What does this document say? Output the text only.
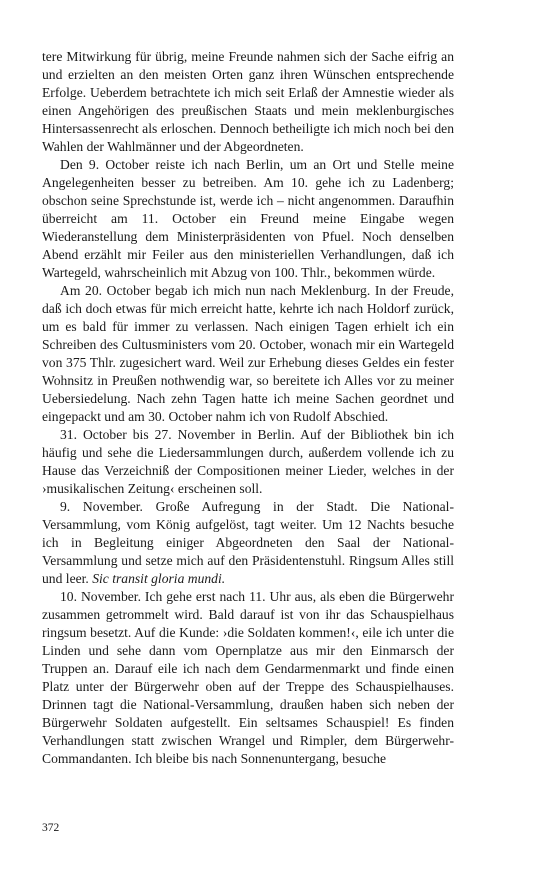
tere Mitwirkung für übrig, meine Freunde nahmen sich der Sache eifrig an und erzielten an den meisten Orten ganz ihren Wünschen entsprechende Erfolge. Ueberdem betrachtete ich mich seit Erlaß der Amnestie wieder als einen Angehörigen des preußischen Staats und mein meklenburgisches Hintersassenrecht als erloschen. Dennoch betheiligte ich mich noch bei den Wahlen der Wahlmänner und der Abgeordneten.

Den 9. October reiste ich nach Berlin, um an Ort und Stelle meine Angelegenheiten besser zu betreiben. Am 10. gehe ich zu Ladenberg; obschon seine Sprechstunde ist, werde ich – nicht angenommen. Daraufhin überreicht am 11. October ein Freund meine Eingabe wegen Wiederanstellung dem Ministerpräsidenten von Pfuel. Noch denselben Abend erzählt mir Feiler aus den ministeriellen Verhandlungen, daß ich Wartegeld, wahrscheinlich mit Abzug von 100. Thlr., bekommen würde.

Am 20. October begab ich mich nun nach Meklenburg. In der Freude, daß ich doch etwas für mich erreicht hatte, kehrte ich nach Holdorf zurück, um es bald für immer zu verlassen. Nach einigen Tagen erhielt ich ein Schreiben des Cultusministers vom 20. October, wonach mir ein Wartegeld von 375 Thlr. zugesichert ward. Weil zur Erhebung dieses Geldes ein fester Wohnsitz in Preußen nothwendig war, so bereitete ich Alles vor zu meiner Uebersiedelung. Nach zehn Tagen hatte ich meine Sachen geordnet und eingepackt und am 30. October nahm ich von Rudolf Abschied.

31. October bis 27. November in Berlin. Auf der Bibliothek bin ich häufig und sehe die Liedersammlungen durch, außerdem vollende ich zu Hause das Verzeichniß der Compositionen meiner Lieder, welches in der ›musikalischen Zeitung‹ erscheinen soll.

9. November. Große Aufregung in der Stadt. Die National-Versammlung, vom König aufgelöst, tagt weiter. Um 12 Nachts besuche ich in Begleitung einiger Abgeordneten den Saal der National-Versammlung und setze mich auf den Präsidentenstuhl. Ringsum Alles still und leer. Sic transit gloria mundi.

10. November. Ich gehe erst nach 11. Uhr aus, als eben die Bürgerwehr zusammen getrommelt wird. Bald darauf ist von ihr das Schauspielhaus ringsum besetzt. Auf die Kunde: ›die Soldaten kommen!‹, eile ich unter die Linden und sehe dann vom Opernplatze aus mir den Einmarsch der Truppen an. Darauf eile ich nach dem Gendarmenmarkt und finde einen Platz unter der Bürgerwehr oben auf der Treppe des Schauspielhauses. Drinnen tagt die National-Versammlung, draußen haben sich neben der Bürgerwehr Soldaten aufgestellt. Ein seltsames Schauspiel! Es finden Verhandlungen statt zwischen Wrangel und Rimpler, dem Bürgerwehr-Commandanten. Ich bleibe bis nach Sonnenuntergang, besuche

372
